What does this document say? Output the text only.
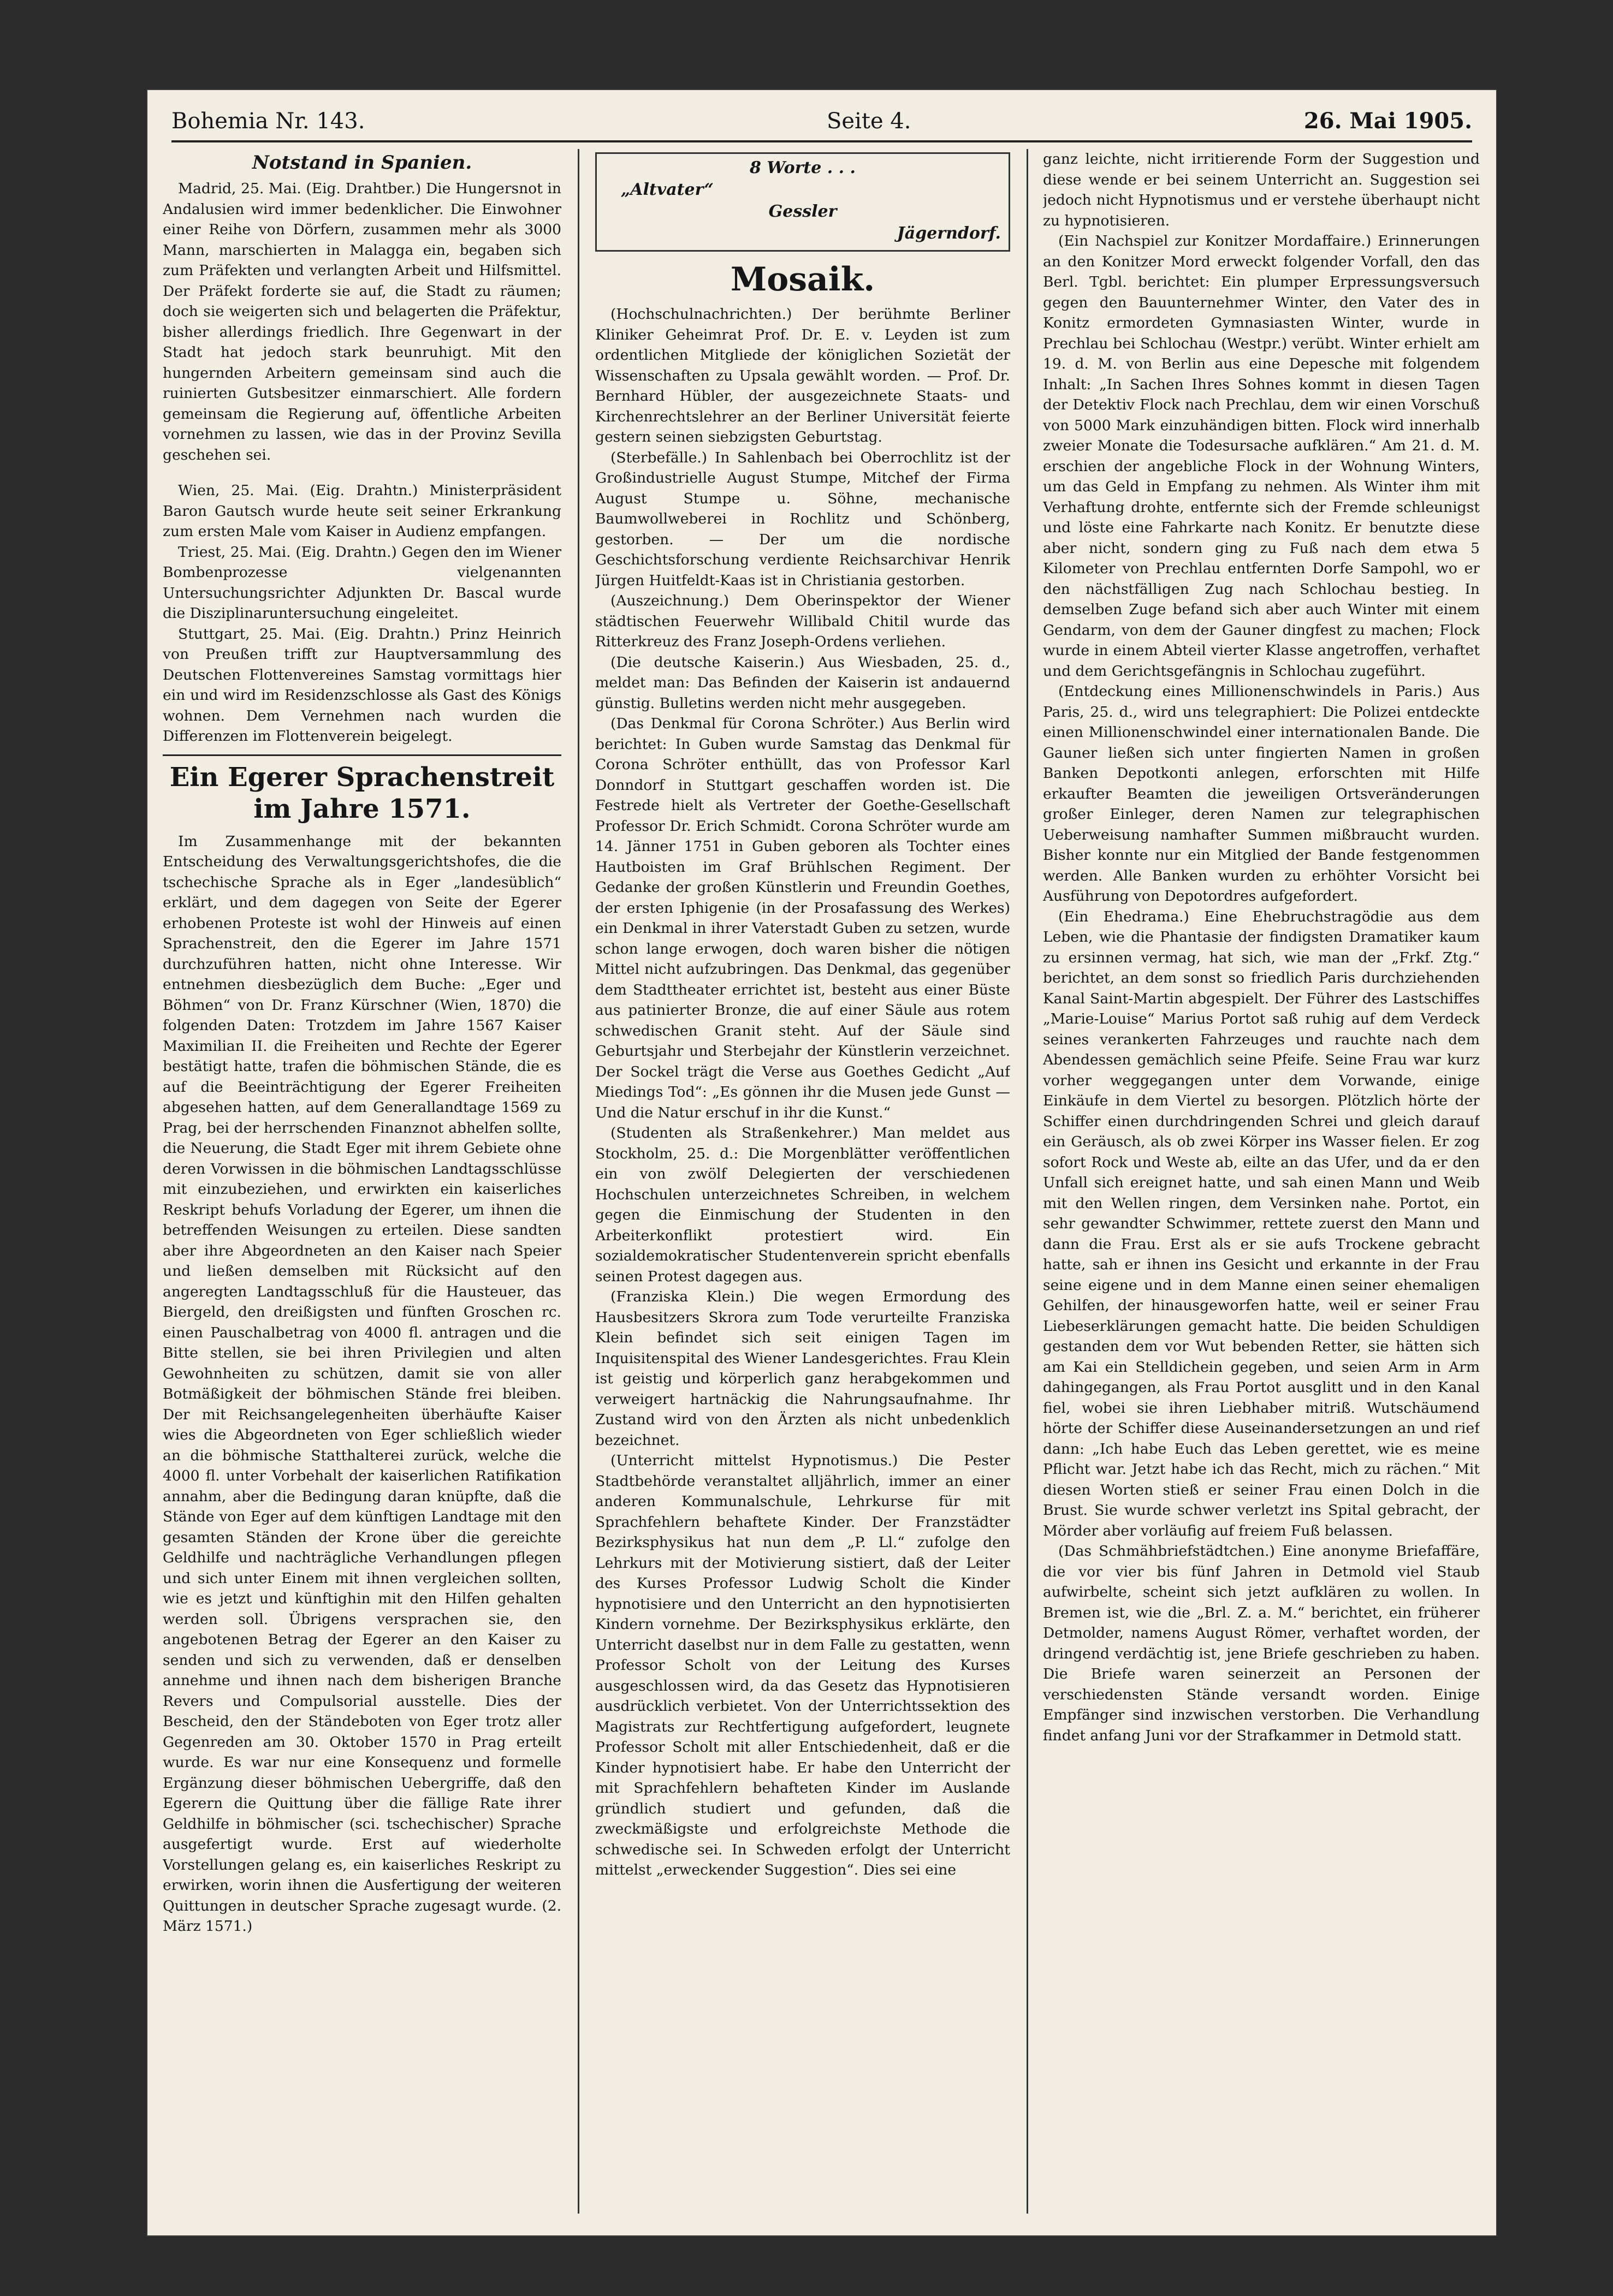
Bohemia Nr. 143.	Seite 4.	26. Mai 1905.
Notstand in Spanien.

Madrid, 25. Mai. (Eig. Drahtber.) Die Hungersnot in Andalusien wird immer bedenklicher. Die Einwohner einer Reihe von Dörfern, zusammen mehr als 3000 Mann, marschierten in Malagga ein, begaben sich zum Präfekten und verlangten Arbeit und Hilfsmittel. Der Präfekt forderte sie auf, die Stadt zu räumen; doch sie weigerten sich und belagerten die Präfektur, bisher allerdings friedlich. Ihre Gegenwart in der Stadt hat jedoch stark beunruhigt. Mit den hungernden Arbeitern gemeinsam sind auch die ruinierten Gutsbesitzer einmarschiert. Alle fordern gemeinsam die Regierung auf, öffentliche Arbeiten vornehmen zu lassen, wie das in der Provinz Sevilla geschehen sei.

Wien, 25. Mai. (Eig. Drahtn.) Ministerpräsident Baron Gautsch wurde heute seit seiner Erkrankung zum ersten Male vom Kaiser in Audienz empfangen.

Triest, 25. Mai. (Eig. Drahtn.) Gegen den im Wiener Bombenprozesse vielgenannten Untersuchungsrichter Adjunkten Dr. Bascal wurde die Disziplinaruntersuchung eingeleitet.

Stuttgart, 25. Mai. (Eig. Drahtn.) Prinz Heinrich von Preußen trifft zur Hauptversammlung des Deutschen Flottenvereines Samstag vormittags hier ein und wird im Residenzschlosse als Gast des Königs wohnen. Dem Vernehmen nach wurden die Differenzen im Flottenverein beigelegt.

Ein Egerer Sprachenstreit im Jahre 1571.

Im Zusammenhange mit der bekannten Entscheidung des Verwaltungsgerichtshofes, die die tschechische Sprache als in Eger „landesüblich“ erklärt, und dem dagegen von Seite der Egerer erhobenen Proteste ist wohl der Hinweis auf einen Sprachenstreit, den die Egerer im Jahre 1571 durchzuführen hatten, nicht ohne Interesse. Wir entnehmen diesbezüglich dem Buche: „Eger und Böhmen“ von Dr. Franz Kürschner (Wien, 1870) die folgenden Daten: Trotzdem im Jahre 1567 Kaiser Maximilian II. die Freiheiten und Rechte der Egerer bestätigt hatte, trafen die böhmischen Stände, die es auf die Beeinträchtigung der Egerer Freiheiten abgesehen hatten, auf dem Generallandtage 1569 zu Prag, bei der herrschenden Finanznot abhelfen sollte, die Neuerung, die Stadt Eger mit ihrem Gebiete ohne deren Vorwissen in die böhmischen Landtagsschlüsse mit einzubeziehen, und erwirkten ein kaiserliches Reskript behufs Vorladung der Egerer, um ihnen die betreffenden Weisungen zu erteilen. Diese sandten aber ihre Abgeordneten an den Kaiser nach Speier und ließen demselben mit Rücksicht auf den angeregten Landtagsschluß für die Hausteuer, das Biergeld, den dreißigsten und fünften Groschen rc. einen Pauschalbetrag von 4000 fl. antragen und die Bitte stellen, sie bei ihren Privilegien und alten Gewohnheiten zu schützen, damit sie von aller Botmäßigkeit der böhmischen Stände frei bleiben. Der mit Reichsangelegenheiten überhäufte Kaiser wies die Abgeordneten von Eger schließlich wieder an die böhmische Statthalterei zurück, welche die 4000 fl. unter Vorbehalt der kaiserlichen Ratifikation annahm, aber die Bedingung daran knüpfte, daß die Stände von Eger auf dem künftigen Landtage mit den gesamten Ständen der Krone über die gereichte Geldhilfe und nachträgliche Verhandlungen pflegen und sich unter Einem mit ihnen vergleichen sollten, wie es jetzt und künftighin mit den Hilfen gehalten werden soll. Übrigens versprachen sie, den angebotenen Betrag der Egerer an den Kaiser zu senden und sich zu verwenden, daß er denselben annehme und ihnen nach dem bisherigen Branche Revers und Compulsorial ausstelle. Dies der Bescheid, den der Ständeboten von Eger trotz aller Gegenreden am 30. Oktober 1570 in Prag erteilt wurde. Es war nur eine Konsequenz und formelle Ergänzung dieser böhmischen Uebergriffe, daß den Egerern die Quittung über die fällige Rate ihrer Geldhilfe in böhmischer (sci. tschechischer) Sprache ausgefertigt wurde. Erst auf wiederholte Vorstellungen gelang es, ein kaiserliches Reskript zu erwirken, worin ihnen die Ausfertigung der weiteren Quittungen in deutscher Sprache zugesagt wurde. (2. März 1571.)

8 Worte . . .
„Altvater“
Gessler
Jägerndorf.
Mosaik.

(Hochschulnachrichten.) Der berühmte Berliner Kliniker Geheimrat Prof. Dr. E. v. Leyden ist zum ordentlichen Mitgliede der königlichen Sozietät der Wissenschaften zu Upsala gewählt worden. — Prof. Dr. Bernhard Hübler, der ausgezeichnete Staats- und Kirchenrechtslehrer an der Berliner Universität feierte gestern seinen siebzigsten Geburtstag.

(Sterbefälle.) In Sahlenbach bei Oberrochlitz ist der Großindustrielle August Stumpe, Mitchef der Firma August Stumpe u. Söhne, mechanische Baumwollweberei in Rochlitz und Schönberg, gestorben. — Der um die nordische Geschichtsforschung verdiente Reichsarchivar Henrik Jürgen Huitfeldt-Kaas ist in Christiania gestorben.

(Auszeichnung.) Dem Oberinspektor der Wiener städtischen Feuerwehr Willibald Chitil wurde das Ritterkreuz des Franz Joseph-Ordens verliehen.

(Die deutsche Kaiserin.) Aus Wiesbaden, 25. d., meldet man: Das Befinden der Kaiserin ist andauernd günstig. Bulletins werden nicht mehr ausgegeben.

(Das Denkmal für Corona Schröter.) Aus Berlin wird berichtet: In Guben wurde Samstag das Denkmal für Corona Schröter enthüllt, das von Professor Karl Donndorf in Stuttgart geschaffen worden ist. Die Festrede hielt als Vertreter der Goethe-Gesellschaft Professor Dr. Erich Schmidt. Corona Schröter wurde am 14. Jänner 1751 in Guben geboren als Tochter eines Hautboisten im Graf Brühlschen Regiment. Der Gedanke der großen Künstlerin und Freundin Goethes, der ersten Iphigenie (in der Prosafassung des Werkes) ein Denkmal in ihrer Vaterstadt Guben zu setzen, wurde schon lange erwogen, doch waren bisher die nötigen Mittel nicht aufzubringen. Das Denkmal, das gegenüber dem Stadttheater errichtet ist, besteht aus einer Büste aus patinierter Bronze, die auf einer Säule aus rotem schwedischen Granit steht. Auf der Säule sind Geburtsjahr und Sterbejahr der Künstlerin verzeichnet. Der Sockel trägt die Verse aus Goethes Gedicht „Auf Miedings Tod“: „Es gönnen ihr die Musen jede Gunst — Und die Natur erschuf in ihr die Kunst.“

(Studenten als Straßenkehrer.) Man meldet aus Stockholm, 25. d.: Die Morgenblätter veröffentlichen ein von zwölf Delegierten der verschiedenen Hochschulen unterzeichnetes Schreiben, in welchem gegen die Einmischung der Studenten in den Arbeiterkonflikt protestiert wird. Ein sozialdemokratischer Studentenverein spricht ebenfalls seinen Protest dagegen aus.

(Franziska Klein.) Die wegen Ermordung des Hausbesitzers Skrora zum Tode verurteilte Franziska Klein befindet sich seit einigen Tagen im Inquisitenspital des Wiener Landesgerichtes. Frau Klein ist geistig und körperlich ganz herabgekommen und verweigert hartnäckig die Nahrungsaufnahme. Ihr Zustand wird von den Ärzten als nicht unbedenklich bezeichnet.

(Unterricht mittelst Hypnotismus.) Die Pester Stadtbehörde veranstaltet alljährlich, immer an einer anderen Kommunalschule, Lehrkurse für mit Sprachfehlern behaftete Kinder. Der Franzstädter Bezirksphysikus hat nun dem „P. Ll.“ zufolge den Lehrkurs mit der Motivierung sistiert, daß der Leiter des Kurses Professor Ludwig Scholt die Kinder hypnotisiere und den Unterricht an den hypnotisierten Kindern vornehme. Der Bezirksphysikus erklärte, den Unterricht daselbst nur in dem Falle zu gestatten, wenn Professor Scholt von der Leitung des Kurses ausgeschlossen wird, da das Gesetz das Hypnotisieren ausdrücklich verbietet. Von der Unterrichtssektion des Magistrats zur Rechtfertigung aufgefordert, leugnete Professor Scholt mit aller Entschiedenheit, daß er die Kinder hypnotisiert habe. Er habe den Unterricht der mit Sprachfehlern behafteten Kinder im Auslande gründlich studiert und gefunden, daß die zweckmäßigste und erfolgreichste Methode die schwedische sei. In Schweden erfolgt der Unterricht mittelst „erweckender Suggestion“. Dies sei eine

ganz leichte, nicht irritierende Form der Suggestion und diese wende er bei seinem Unterricht an. Suggestion sei jedoch nicht Hypnotismus und er verstehe überhaupt nicht zu hypnotisieren.

(Ein Nachspiel zur Konitzer Mordaffaire.) Erinnerungen an den Konitzer Mord erweckt folgender Vorfall, den das Berl. Tgbl. berichtet: Ein plumper Erpressungsversuch gegen den Bauunternehmer Winter, den Vater des in Konitz ermordeten Gymnasiasten Winter, wurde in Prechlau bei Schlochau (Westpr.) verübt. Winter erhielt am 19. d. M. von Berlin aus eine Depesche mit folgendem Inhalt: „In Sachen Ihres Sohnes kommt in diesen Tagen der Detektiv Flock nach Prechlau, dem wir einen Vorschuß von 5000 Mark einzuhändigen bitten. Flock wird innerhalb zweier Monate die Todesursache aufklären.“ Am 21. d. M. erschien der angebliche Flock in der Wohnung Winters, um das Geld in Empfang zu nehmen. Als Winter ihm mit Verhaftung drohte, entfernte sich der Fremde schleunigst und löste eine Fahrkarte nach Konitz. Er benutzte diese aber nicht, sondern ging zu Fuß nach dem etwa 5 Kilometer von Prechlau entfernten Dorfe Sampohl, wo er den nächstfälligen Zug nach Schlochau bestieg. In demselben Zuge befand sich aber auch Winter mit einem Gendarm, von dem der Gauner dingfest zu machen; Flock wurde in einem Abteil vierter Klasse angetroffen, verhaftet und dem Gerichtsgefängnis in Schlochau zugeführt.

(Entdeckung eines Millionenschwindels in Paris.) Aus Paris, 25. d., wird uns telegraphiert: Die Polizei entdeckte einen Millionenschwindel einer internationalen Bande. Die Gauner ließen sich unter fingierten Namen in großen Banken Depotkonti anlegen, erforschten mit Hilfe erkaufter Beamten die jeweiligen Ortsveränderungen großer Einleger, deren Namen zur telegraphischen Ueberweisung namhafter Summen mißbraucht wurden. Bisher konnte nur ein Mitglied der Bande festgenommen werden. Alle Banken wurden zu erhöhter Vorsicht bei Ausführung von Depotordres aufgefordert.

(Ein Ehedrama.) Eine Ehebruchstragödie aus dem Leben, wie die Phantasie der findigsten Dramatiker kaum zu ersinnen vermag, hat sich, wie man der „Frkf. Ztg.“ berichtet, an dem sonst so friedlich Paris durchziehenden Kanal Saint-Martin abgespielt. Der Führer des Lastschiffes „Marie-Louise“ Marius Portot saß ruhig auf dem Verdeck seines verankerten Fahrzeuges und rauchte nach dem Abendessen gemächlich seine Pfeife. Seine Frau war kurz vorher weggegangen unter dem Vorwande, einige Einkäufe in dem Viertel zu besorgen. Plötzlich hörte der Schiffer einen durchdringenden Schrei und gleich darauf ein Geräusch, als ob zwei Körper ins Wasser fielen. Er zog sofort Rock und Weste ab, eilte an das Ufer, und da er den Unfall sich ereignet hatte, und sah einen Mann und Weib mit den Wellen ringen, dem Versinken nahe. Portot, ein sehr gewandter Schwimmer, rettete zuerst den Mann und dann die Frau. Erst als er sie aufs Trockene gebracht hatte, sah er ihnen ins Gesicht und erkannte in der Frau seine eigene und in dem Manne einen seiner ehemaligen Gehilfen, der hinausgeworfen hatte, weil er seiner Frau Liebeserklärungen gemacht hatte. Die beiden Schuldigen gestanden dem vor Wut bebenden Retter, sie hätten sich am Kai ein Stelldichein gegeben, und seien Arm in Arm dahingegangen, als Frau Portot ausglitt und in den Kanal fiel, wobei sie ihren Liebhaber mitriß. Wutschäumend hörte der Schiffer diese Auseinandersetzungen an und rief dann: „Ich habe Euch das Leben gerettet, wie es meine Pflicht war. Jetzt habe ich das Recht, mich zu rächen.“ Mit diesen Worten stieß er seiner Frau einen Dolch in die Brust. Sie wurde schwer verletzt ins Spital gebracht, der Mörder aber vorläufig auf freiem Fuß belassen.

(Das Schmähbriefstädtchen.) Eine anonyme Briefaffäre, die vor vier bis fünf Jahren in Detmold viel Staub aufwirbelte, scheint sich jetzt aufklären zu wollen. In Bremen ist, wie die „Brl. Z. a. M.“ berichtet, ein früherer Detmolder, namens August Römer, verhaftet worden, der dringend verdächtig ist, jene Briefe geschrieben zu haben. Die Briefe waren seinerzeit an Personen der verschiedensten Stände versandt worden. Einige Empfänger sind inzwischen verstorben. Die Verhandlung findet anfang Juni vor der Strafkammer in Detmold statt.
